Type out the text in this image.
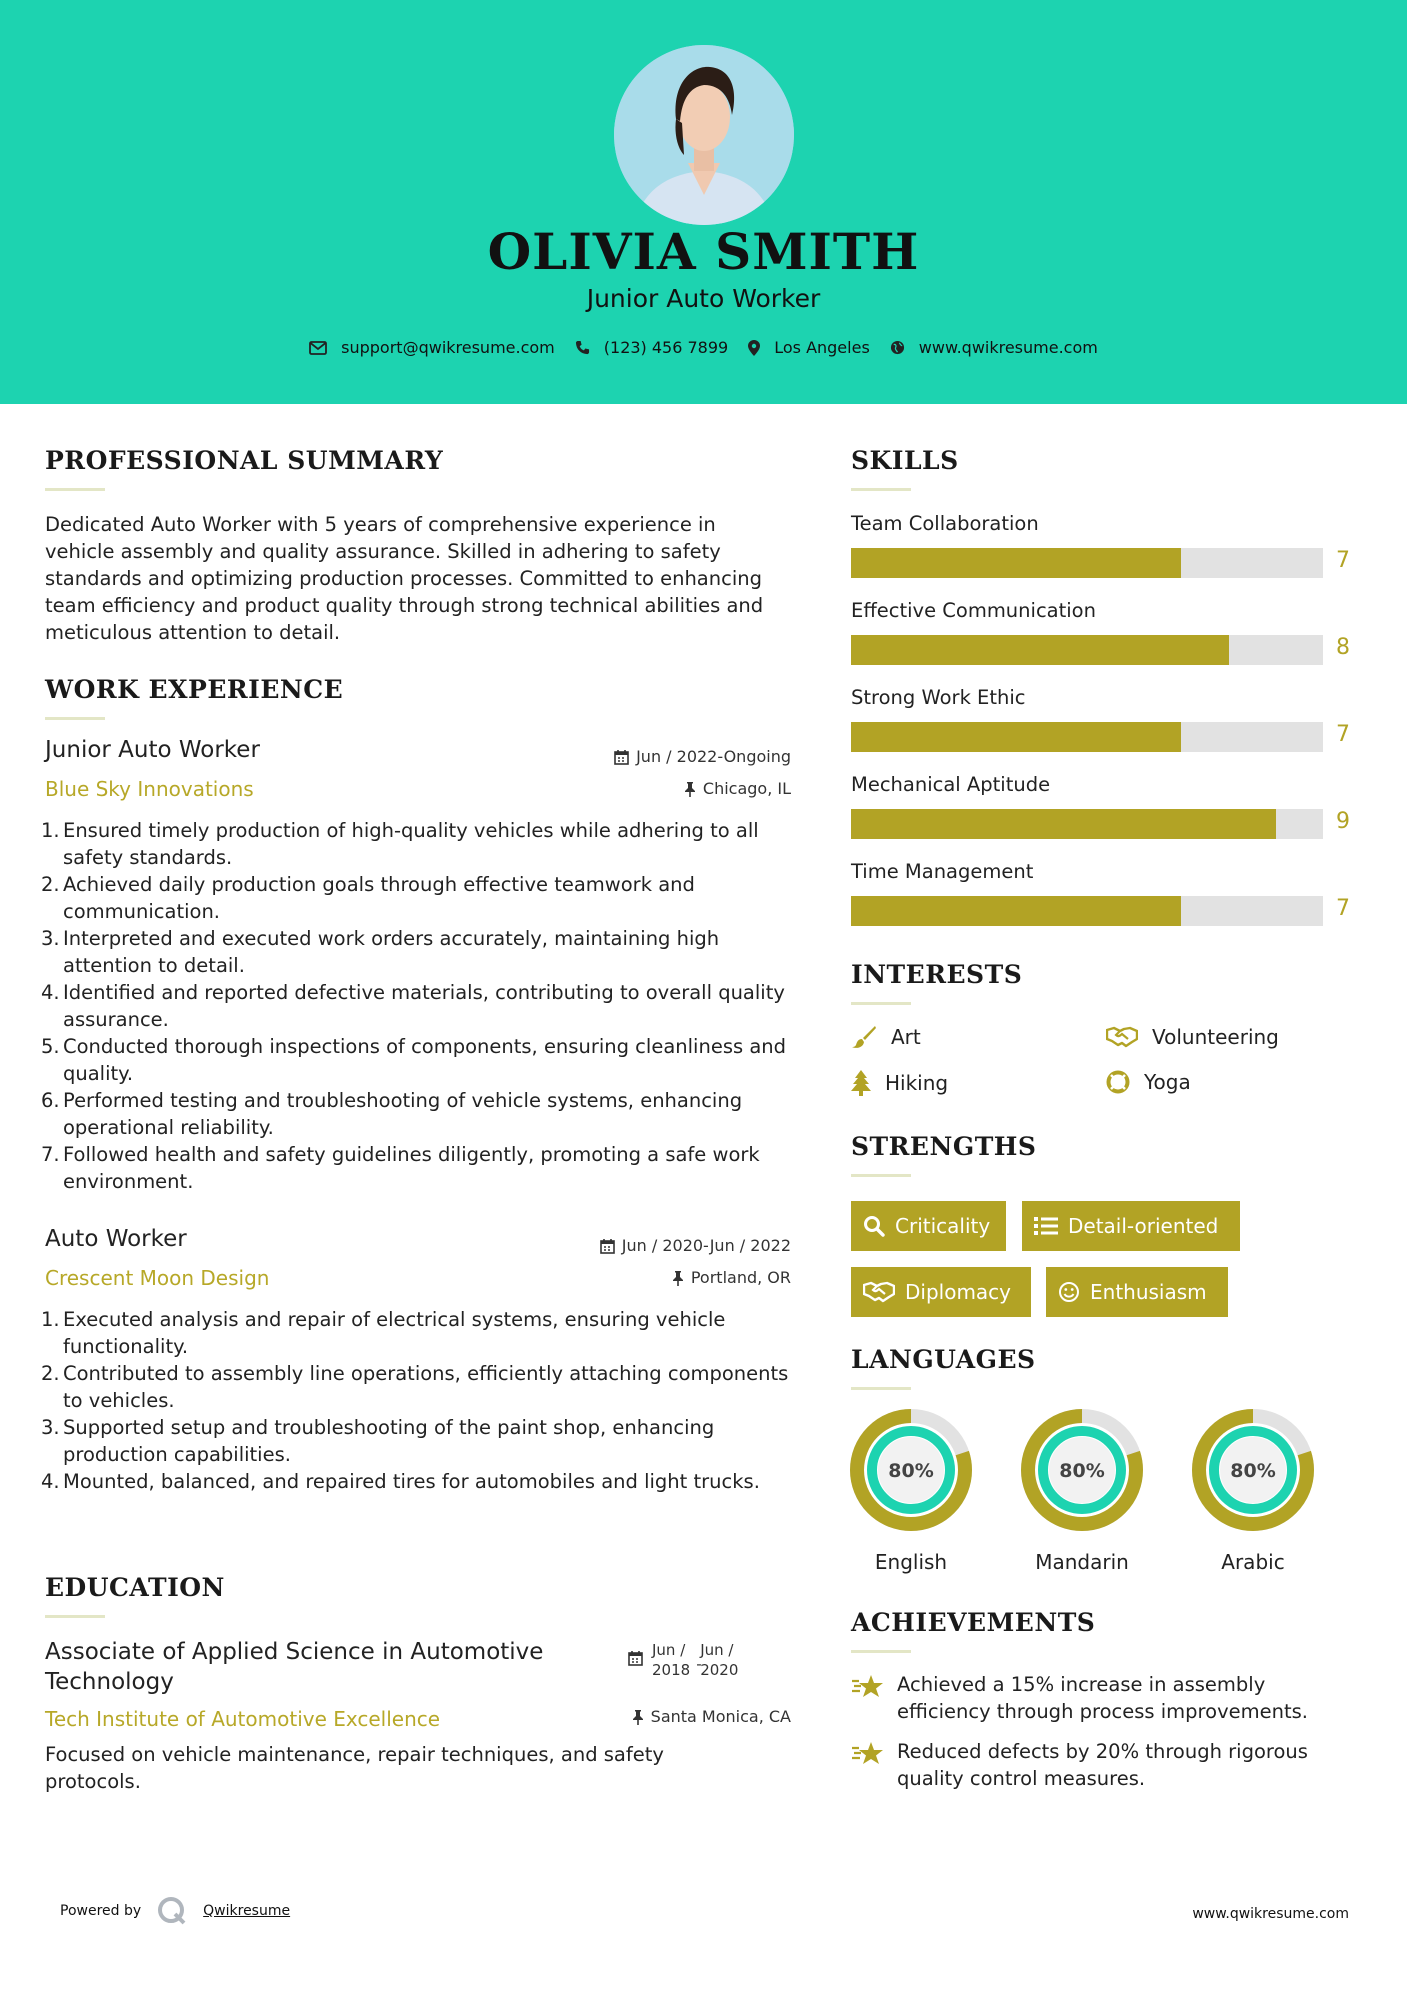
OLIVIA SMITH
Junior Auto Worker
support@qwikresume.com	(123) 456 7899	Los Angeles	www.qwikresume.com
PROFESSIONAL SUMMARY
Dedicated Auto Worker with 5 years of comprehensive experience in vehicle assembly and quality assurance. Skilled in adhering to safety standards and optimizing production processes. Committed to enhancing team efficiency and product quality through strong technical abilities and meticulous attention to detail.
WORK EXPERIENCE
Junior Auto Worker	Jun / 2022-Ongoing
Blue Sky Innovations	Chicago, IL
1. Ensured timely production of high-quality vehicles while adhering to all safety standards.
2. Achieved daily production goals through effective teamwork and communication.
3. Interpreted and executed work orders accurately, maintaining high attention to detail.
4. Identified and reported defective materials, contributing to overall quality assurance.
5. Conducted thorough inspections of components, ensuring cleanliness and quality.
6. Performed testing and troubleshooting of vehicle systems, enhancing operational reliability.
7. Followed health and safety guidelines diligently, promoting a safe work environment.
Auto Worker	Jun / 2020-Jun / 2022
Crescent Moon Design	Portland, OR
1. Executed analysis and repair of electrical systems, ensuring vehicle functionality.
2. Contributed to assembly line operations, efficiently attaching components to vehicles.
3. Supported setup and troubleshooting of the paint shop, enhancing production capabilities.
4. Mounted, balanced, and repaired tires for automobiles and light trucks.
EDUCATION
Associate of Applied Science in Automotive
Technology
Jun /
2018 -
Jun /
2020
Tech Institute of Automotive Excellence	Santa Monica, CA
Focused on vehicle maintenance, repair techniques, and safety protocols.
SKILLS
Team Collaboration
7
Effective Communication
8
Strong Work Ethic
7
Mechanical Aptitude
9
Time Management
7
INTERESTS
Art	Volunteering
Hiking	Yoga
STRENGTHS
Criticality	Detail-oriented
Diplomacy	Enthusiasm
LANGUAGES
80%
English
80%
Mandarin
80%
Arabic
ACHIEVEMENTS
Achieved a 15% increase in assembly efficiency through process improvements.
Reduced defects by 20% through rigorous quality control measures.
Powered by	Qwikresume	www.qwikresume.com
